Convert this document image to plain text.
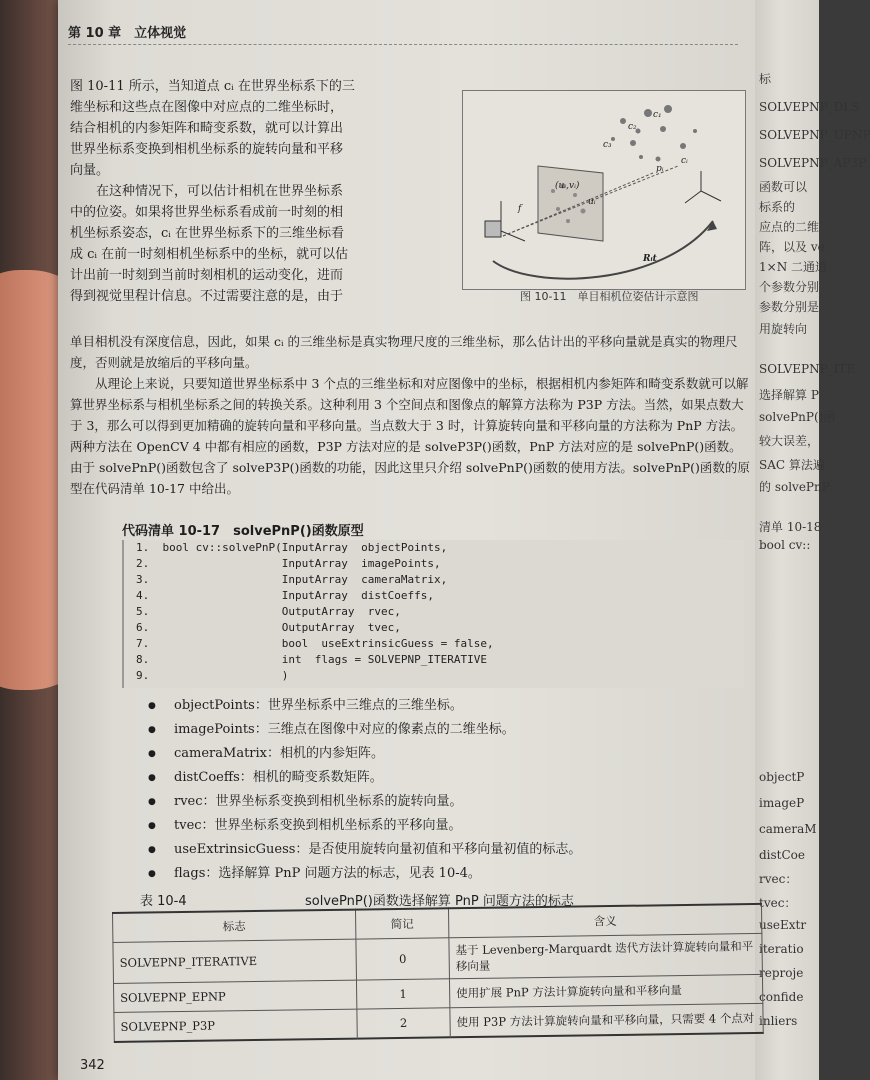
标
SOLVEPNP_DLS
SOLVEPNP_UPNP
SOLVEPNP_AP3P
函数可以
标系的
应点的二维
阵，以及 ve
1×N 二通道
个参数分别
参数分别是
用旋转向
SOLVEPNP_ITE
选择解算 P
solvePnP()函
较大误差，
SAC 算法遍
的 solvePnP
清单 10-18
bool cv::
objectP
imageP
cameraM
distCoe
rvec：
tvec：
useExtr
iteratio
reproje
confide
inliers
第 10 章　立体视觉

图 10-11 所示，当知道点 cᵢ 在世界坐标系下的三

维坐标和这些点在图像中对应点的二维坐标时，

结合相机的内参矩阵和畸变系数，就可以计算出

世界坐标系变换到相机坐标系的旋转向量和平移

向量。

　　在这种情况下，可以估计相机在世界坐标系

中的位姿。如果将世界坐标系看成前一时刻的相

机坐标系姿态，cᵢ 在世界坐标系下的三维坐标看

成 cᵢ 在前一时刻相机坐标系中的坐标，就可以估

计出前一时刻到当前时刻相机的运动变化，进而

得到视觉里程计信息。不过需要注意的是，由于

c₁
c₂
c₃
cᵢ
pᵢ
(uᵢ,vᵢ)
uᵢ
f
Rᵢt
图 10-11　单目相机位姿估计示意图

单目相机没有深度信息，因此，如果 cᵢ 的三维坐标是真实物理尺度的三维坐标，那么估计出的平移向量就是真实的物理尺度，否则就是放缩后的平移向量。
　　从理论上来说，只要知道世界坐标系中 3 个点的三维坐标和对应图像中的坐标，根据相机内参矩阵和畸变系数就可以解算世界坐标系与相机坐标系之间的转换关系。这种利用 3 个空间点和图像点的解算方法称为 P3P 方法。当然，如果点数大于 3，那么可以得到更加精确的旋转向量和平移向量。当点数大于 3 时，计算旋转向量和平移向量的方法称为 PnP 方法。两种方法在 OpenCV 4 中都有相应的函数，P3P 方法对应的是 solveP3P()函数，PnP 方法对应的是 solvePnP()函数。由于 solvePnP()函数包含了 solveP3P()函数的功能，因此这里只介绍 solvePnP()函数的使用方法。solvePnP()函数的原型在代码清单 10-17 中给出。

代码清单 10-17　solvePnP()函数原型
1.  bool cv::solvePnP(InputArray  objectPoints,
2.                    InputArray  imagePoints,
3.                    InputArray  cameraMatrix,
4.                    InputArray  distCoeffs,
5.                    OutputArray  rvec,
6.                    OutputArray  tvec,
7.                    bool  useExtrinsicGuess = false,
8.                    int  flags = SOLVEPNP_ITERATIVE
9.                    )
● objectPoints：世界坐标系中三维点的三维坐标。
● imagePoints：三维点在图像中对应的像素点的二维坐标。
● cameraMatrix：相机的内参矩阵。
● distCoeffs：相机的畸变系数矩阵。
● rvec：世界坐标系变换到相机坐标系的旋转向量。
● tvec：世界坐标系变换到相机坐标系的平移向量。
● useExtrinsicGuess：是否使用旋转向量初值和平移向量初值的标志。
● flags：选择解算 PnP 问题方法的标志，见表 10-4。
表 10-4	solvePnP()函数选择解算 PnP 问题方法的标志
标志	简记	含义
SOLVEPNP_ITERATIVE	0	基于 Levenberg-Marquardt 迭代方法计算旋转向量和平移向量
SOLVEPNP_EPNP	1	使用扩展 PnP 方法计算旋转向量和平移向量
SOLVEPNP_P3P	2	使用 P3P 方法计算旋转向量和平移向量，只需要 4 个点对
342
